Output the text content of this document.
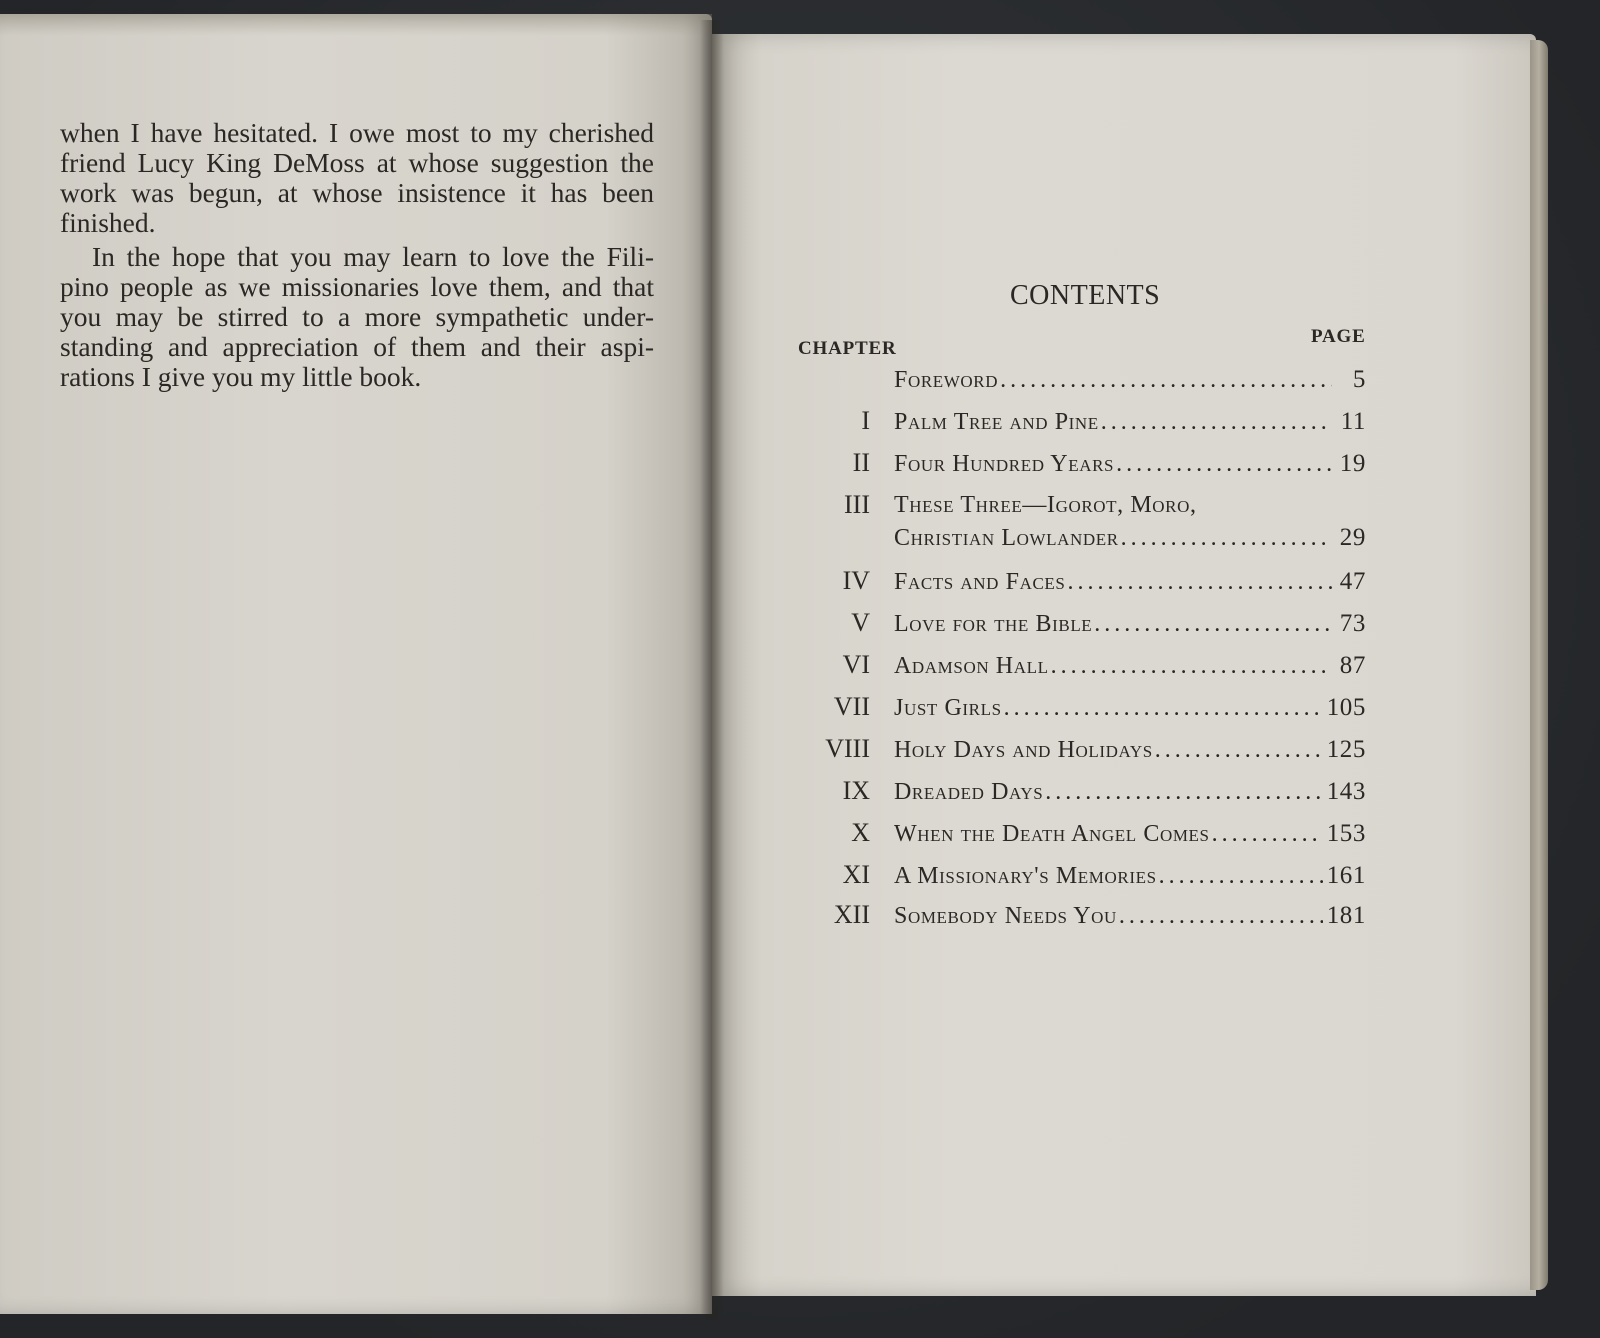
when I have hesitated. I owe most to my cherished
friend Lucy King DeMoss at whose suggestion the
work was begun, at whose insistence it has been
finished.

In the hope that you may learn to love the Fili-
pino people as we missionaries love them, and that
you may be stirred to a more sympathetic under-
standing and appreciation of them and their aspi-
rations I give you my little book.

CONTENTS
CHAPTER
PAGE
Foreword .....	5
I Palm Tree and Pine .....	11
II Four Hundred Years .....	19
III These Three—Igorot, Moro,
Christian Lowlander .....	29
IV Facts and Faces .....	47
V Love for the Bible .....	73
VI Adamson Hall .....	87
VII Just Girls .....	105
VIII Holy Days and Holidays .....	125
IX Dreaded Days .....	143
X When the Death Angel Comes .....	153
XI A Missionary's Memories .....	161
XII Somebody Needs You .....	181
